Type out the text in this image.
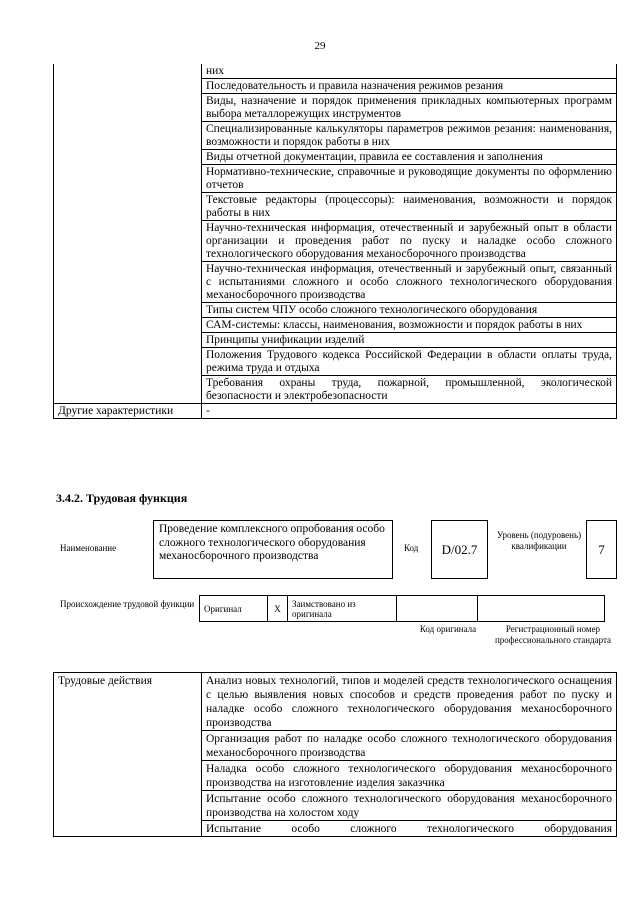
29
	них
	Последовательность и правила назначения режимов резания
	Виды, назначение и порядок применения прикладных компьютерных программ выбора металлорежущих инструментов
	Специализированные калькуляторы параметров режимов резания: наименования, возможности и порядок работы в них
	Виды отчетной документации, правила ее составления и заполнения
	Нормативно-технические, справочные и руководящие документы по оформлению отчетов
	Текстовые редакторы (процессоры): наименования, возможности и порядок работы в них
	Научно-техническая информация, отечественный и зарубежный опыт в области организации и проведения работ по пуску и наладке особо сложного технологического оборудования механосборочного производства
	Научно-техническая информация, отечественный и зарубежный опыт, связанный с испытаниями сложного и особо сложного технологического оборудования механосборочного производства
	Типы систем ЧПУ особо сложного технологического оборудования
	САМ-системы: классы, наименования, возможности и порядок работы в них
	Принципы унификации изделий
	Положения Трудового кодекса Российской Федерации в области оплаты труда, режима труда и отдыха
	Требования охраны труда, пожарной, промышленной, экологической безопасности и электробезопасности
Другие характеристики	-
3.4.2. Трудовая функция
Наименование
Проведение комплексного опробования особо сложного технологического оборудования механосборочного производства
Код	D/02.7
Уровень (подуровень) квалификации	7
Происхождение трудовой функции	Оригинал	X	Заимствовано из оригинала		
Код оригинала	Регистрационный номер профессионального стандарта
Трудовые действия	Анализ новых технологий, типов и моделей средств технологического оснащения с целью выявления новых способов и средств проведения работ по пуску и наладке особо сложного технологического оборудования механосборочного производства
Организация работ по наладке особо сложного технологического оборудования механосборочного производства
Наладка особо сложного технологического оборудования механосборочного производства на изготовление изделия заказчика
Испытание особо сложного технологического оборудования механосборочного производства на холостом ходу
Испытание особо сложного технологического оборудования
